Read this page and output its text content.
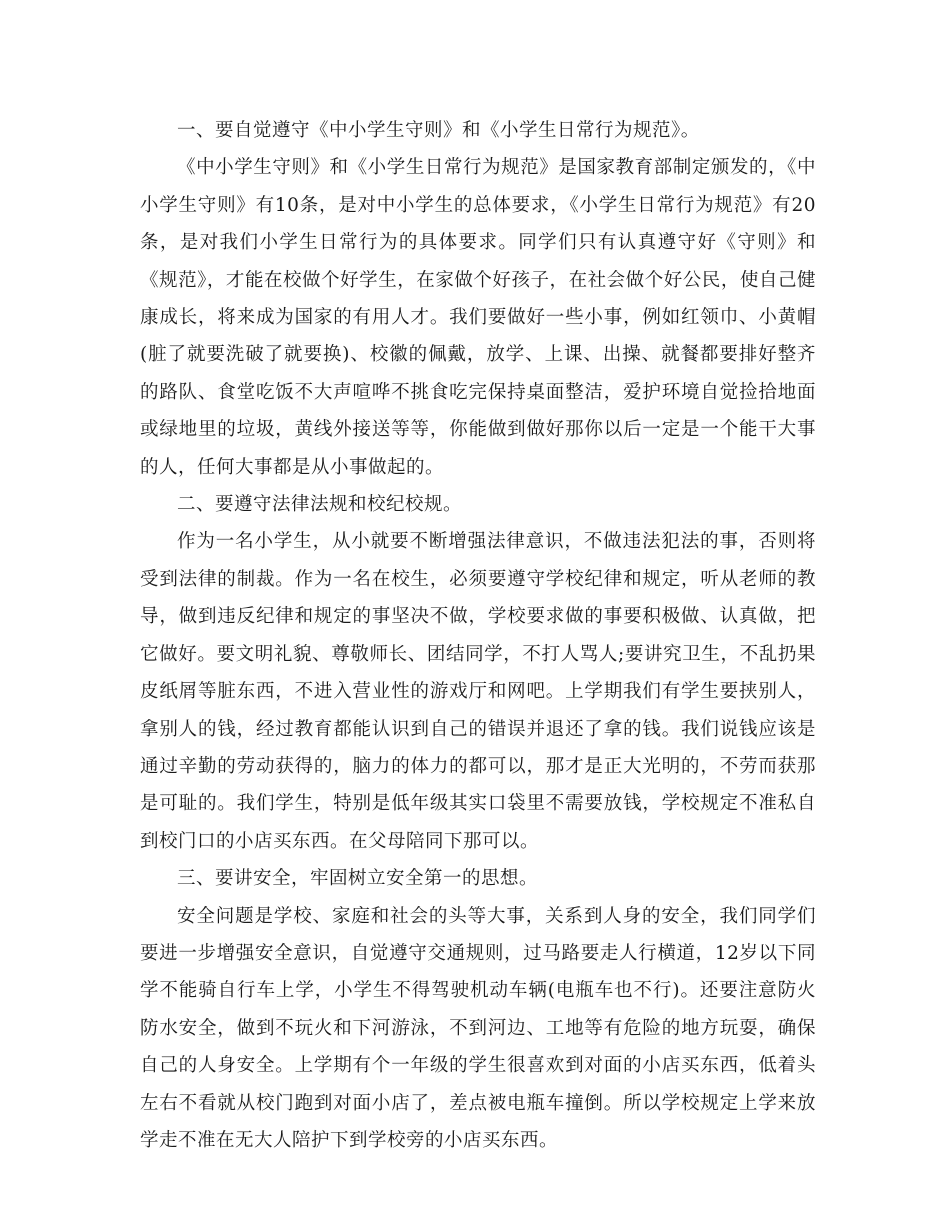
一、要自觉遵守《中小学生守则》和《小学生日常行为规范》。

《中小学生守则》和《小学生日常行为规范》是国家教育部制定颁发的，《中小学生守则》有10条，是对中小学生的总体要求，《小学生日常行为规范》有20条，是对我们小学生日常行为的具体要求。同学们只有认真遵守好《守则》和《规范》，才能在校做个好学生，在家做个好孩子，在社会做个好公民，使自己健康成长，将来成为国家的有用人才。我们要做好一些小事，例如红领巾、小黄帽(脏了就要洗破了就要换)、校徽的佩戴，放学、上课、出操、就餐都要排好整齐的路队、食堂吃饭不大声喧哗不挑食吃完保持桌面整洁，爱护环境自觉捡拾地面或绿地里的垃圾，黄线外接送等等，你能做到做好那你以后一定是一个能干大事的人，任何大事都是从小事做起的。

二、要遵守法律法规和校纪校规。

作为一名小学生，从小就要不断增强法律意识，不做违法犯法的事，否则将受到法律的制裁。作为一名在校生，必须要遵守学校纪律和规定，听从老师的教导，做到违反纪律和规定的事坚决不做，学校要求做的事要积极做、认真做，把它做好。要文明礼貌、尊敬师长、团结同学，不打人骂人;要讲究卫生，不乱扔果皮纸屑等脏东西，不进入营业性的游戏厅和网吧。上学期我们有学生要挟别人，拿别人的钱，经过教育都能认识到自己的错误并退还了拿的钱。我们说钱应该是通过辛勤的劳动获得的，脑力的体力的都可以，那才是正大光明的，不劳而获那是可耻的。我们学生，特别是低年级其实口袋里不需要放钱，学校规定不准私自到校门口的小店买东西。在父母陪同下那可以。

三、要讲安全，牢固树立安全第一的思想。

安全问题是学校、家庭和社会的头等大事，关系到人身的安全，我们同学们要进一步增强安全意识，自觉遵守交通规则，过马路要走人行横道，12岁以下同学不能骑自行车上学，小学生不得驾驶机动车辆(电瓶车也不行)。还要注意防火防水安全，做到不玩火和下河游泳，不到河边、工地等有危险的地方玩耍，确保自己的人身安全。上学期有个一年级的学生很喜欢到对面的小店买东西，低着头左右不看就从校门跑到对面小店了，差点被电瓶车撞倒。所以学校规定上学来放学走不准在无大人陪护下到学校旁的小店买东西。
